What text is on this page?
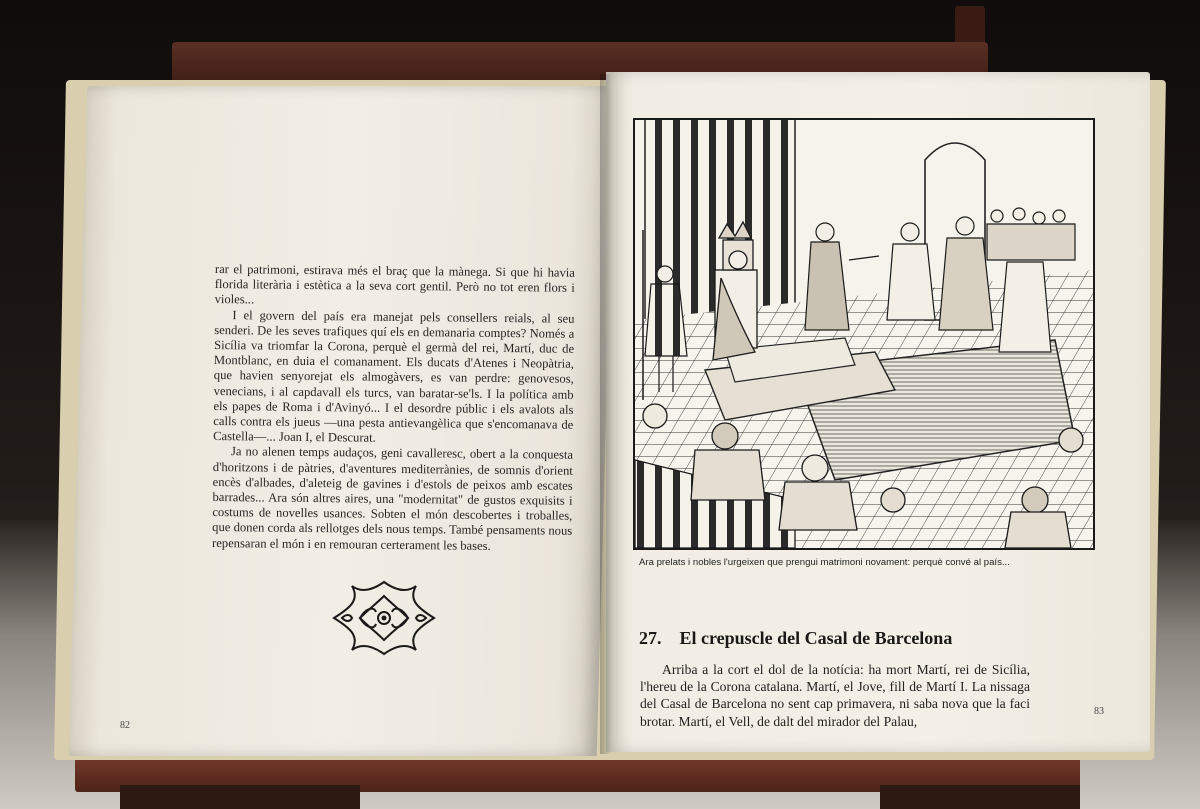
rar el patrimoni, estirava més el braç que la mànega. Si que hi havia florida literària i estètica a la seva cort gentil. Però no tot eren flors i violes...

I el govern del país era manejat pels consellers reials, al seu senderi. De les seves trafiques quí els en demanaria comptes? Només a Sicília va triomfar la Corona, perquè el germà del rei, Martí, duc de Montblanc, en duia el comanament. Els ducats d'Atenes i Neopàtria, que havien senyorejat els almogàvers, es van perdre: genovesos, venecians, i al capdavall els turcs, van baratar-se'ls. I la política amb els papes de Roma i d'Avinyó... I el desordre públic i els avalots als calls contra els jueus —una pesta antievangèlica que s'encomanava de Castella—... Joan I, el Descurat.

Ja no alenen temps audaços, geni cavalleresc, obert a la conquesta d'horitzons i de pàtries, d'aventures mediterrànies, de somnis d'orient encès d'albades, d'aleteig de gavines i d'estols de peixos amb escates barrades... Ara són altres aires, una "modernitat" de gustos exquisits i costums de novelles usances. Sobten el món descobertes i troballes, que donen corda als rellotges dels nous temps. També pensaments nous repensaran el món i en remouran certerament les bases.

82
Ara prelats i nobles l'urgeixen que prengui matrimoni novament: perquè convé al país...
27. El crepuscle del Casal de Barcelona

Arriba a la cort el dol de la notícia: ha mort Martí, rei de Sicília, l'hereu de la Corona catalana. Martí, el Jove, fill de Martí I. La nissaga del Casal de Barcelona no sent cap primavera, ni saba nova que la faci brotar. Martí, el Vell, de dalt del mirador del Palau,

83
